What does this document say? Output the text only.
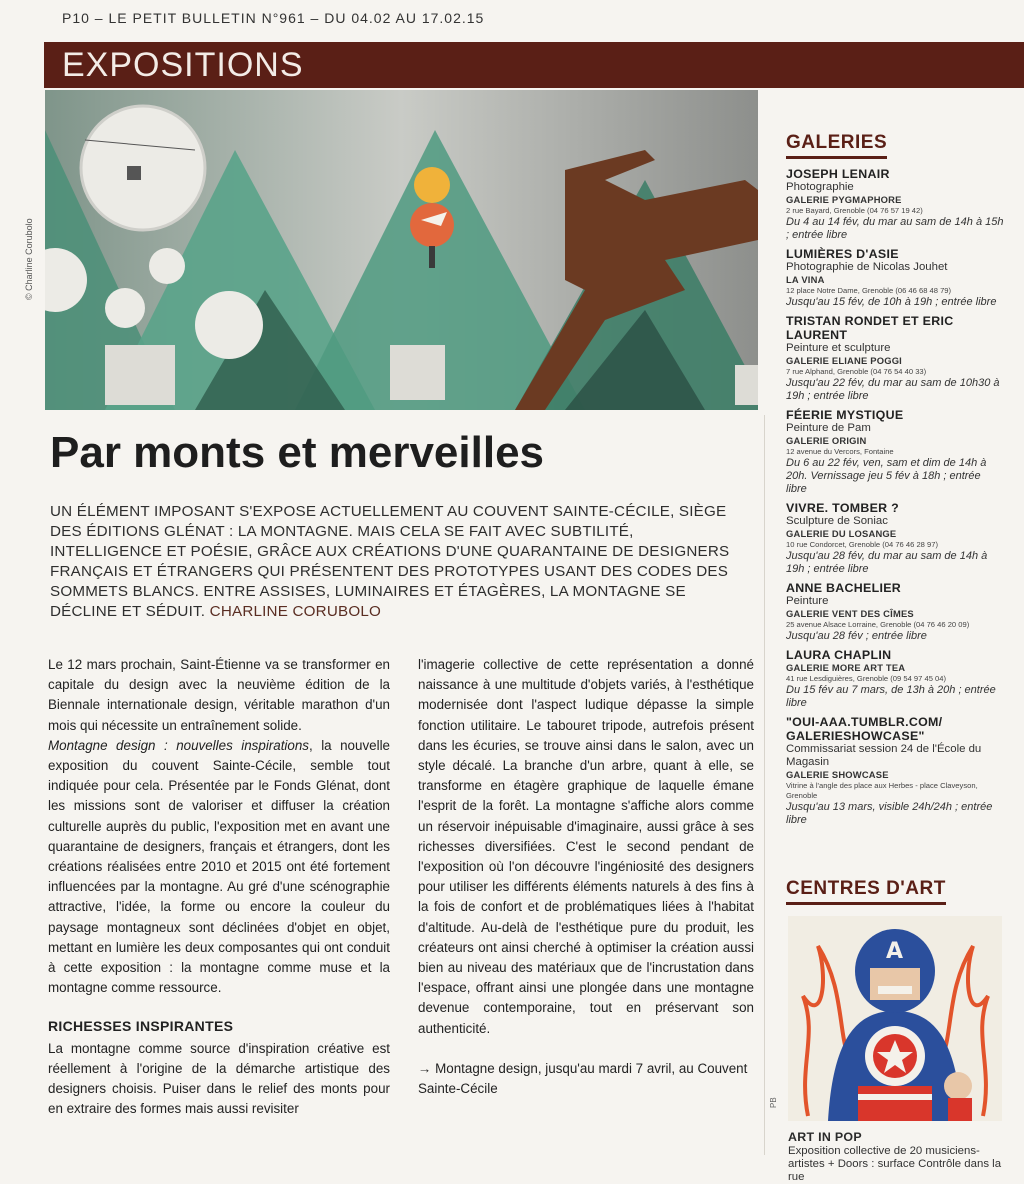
P10 – LE PETIT BULLETIN N°961 – DU 04.02 AU 17.02.15
EXPOSITIONS
© Charline Corubolo
Par monts et merveilles
UN ÉLÉMENT IMPOSANT S'EXPOSE ACTUELLEMENT AU COUVENT SAINTE-CÉCILE, SIÈGE DES ÉDITIONS GLÉNAT : LA MONTAGNE. MAIS CELA SE FAIT AVEC SUBTILITÉ, INTELLIGENCE ET POÉSIE, GRÂCE AUX CRÉATIONS D'UNE QUARANTAINE DE DESIGNERS FRANÇAIS ET ÉTRANGERS QUI PRÉSENTENT DES PROTOTYPES USANT DES CODES DES SOMMETS BLANCS. ENTRE ASSISES, LUMINAIRES ET ÉTAGÈRES, LA MONTAGNE SE DÉCLINE ET SÉDUIT. CHARLINE CORUBOLO

Le 12 mars prochain, Saint-Étienne va se transformer en capitale du design avec la neuvième édition de la Biennale internationale design, véritable marathon d'un mois qui nécessite un entraînement solide.
Montagne design : nouvelles inspirations, la nouvelle exposition du couvent Sainte-Cécile, semble tout indiquée pour cela. Présentée par le Fonds Glénat, dont les missions sont de valoriser et diffuser la création culturelle auprès du public, l'exposition met en avant une quarantaine de designers, français et étrangers, dont les créations réalisées entre 2010 et 2015 ont été fortement influencées par la montagne. Au gré d'une scénographie attractive, l'idée, la forme ou encore la couleur du paysage montagneux sont déclinées d'objet en objet, mettant en lumière les deux composantes qui ont conduit à cette exposition : la montagne comme muse et la montagne comme ressource.

RICHESSES INSPIRANTES

La montagne comme source d'inspiration créative est réellement à l'origine de la démarche artistique des designers choisis. Puiser dans le relief des monts pour en extraire des formes mais aussi revisiter

l'imagerie collective de cette représentation a donné naissance à une multitude d'objets variés, à l'esthétique modernisée dont l'aspect ludique dépasse la simple fonction utilitaire. Le tabouret tripode, autrefois présent dans les écuries, se trouve ainsi dans le salon, avec un style décalé. La branche d'un arbre, quant à elle, se transforme en étagère graphique de laquelle émane l'esprit de la forêt. La montagne s'affiche alors comme un réservoir inépuisable d'imaginaire, aussi grâce à ses richesses diversifiées. C'est le second pendant de l'exposition où l'on découvre l'ingéniosité des designers pour utiliser les différents éléments naturels à des fins à la fois de confort et de problématiques liées à l'habitat d'altitude. Au-delà de l'esthétique pure du produit, les créateurs ont ainsi cherché à optimiser la création aussi bien au niveau des matériaux que de l'incrustation dans l'espace, offrant ainsi une plongée dans une montagne devenue contemporaine, tout en préservant son authenticité.

→ Montagne design, jusqu'au mardi 7 avril, au Couvent Sainte-Cécile

GALERIES
JOSEPH LENAIR
Photographie
GALERIE PYGMAPHORE
2 rue Bayard, Grenoble (04 76 57 19 42)
Du 4 au 14 fév, du mar au sam de 14h à 15h ; entrée libre
LUMIÈRES D'ASIE
Photographie de Nicolas Jouhet
LA VINA
12 place Notre Dame, Grenoble (06 46 68 48 79)
Jusqu'au 15 fév, de 10h à 19h ; entrée libre
TRISTAN RONDET ET ERIC LAURENT
Peinture et sculpture
GALERIE ELIANE POGGI
7 rue Alphand, Grenoble (04 76 54 40 33)
Jusqu'au 22 fév, du mar au sam de 10h30 à 19h ; entrée libre
FÉERIE MYSTIQUE
Peinture de Pam
GALERIE ORIGIN
12 avenue du Vercors, Fontaine
Du 6 au 22 fév, ven, sam et dim de 14h à 20h. Vernissage jeu 5 fév à 18h ; entrée libre
VIVRE. TOMBER ?
Sculpture de Soniac
GALERIE DU LOSANGE
10 rue Condorcet, Grenoble (04 76 46 28 97)
Jusqu'au 28 fév, du mar au sam de 14h à 19h ; entrée libre
ANNE BACHELIER
Peinture
GALERIE VENT DES CÎMES
25 avenue Alsace Lorraine, Grenoble (04 76 46 20 09)
Jusqu'au 28 fév ; entrée libre
LAURA CHAPLIN
GALERIE MORE ART TEA
41 rue Lesdiguières, Grenoble (09 54 97 45 04)
Du 15 fév au 7 mars, de 13h à 20h ; entrée libre
"OUI-AAA.TUMBLR.COM/ GALERIESHOWCASE"
Commissariat session 24 de l'École du Magasin
GALERIE SHOWCASE
Vitrine à l'angle des place aux Herbes - place Claveyson, Grenoble
Jusqu'au 13 mars, visible 24h/24h ; entrée libre
CENTRES D'ART
A
PB
ART IN POP
Exposition collective de 20 musiciens-artistes + Doors : surface Contrôle dans la rue
